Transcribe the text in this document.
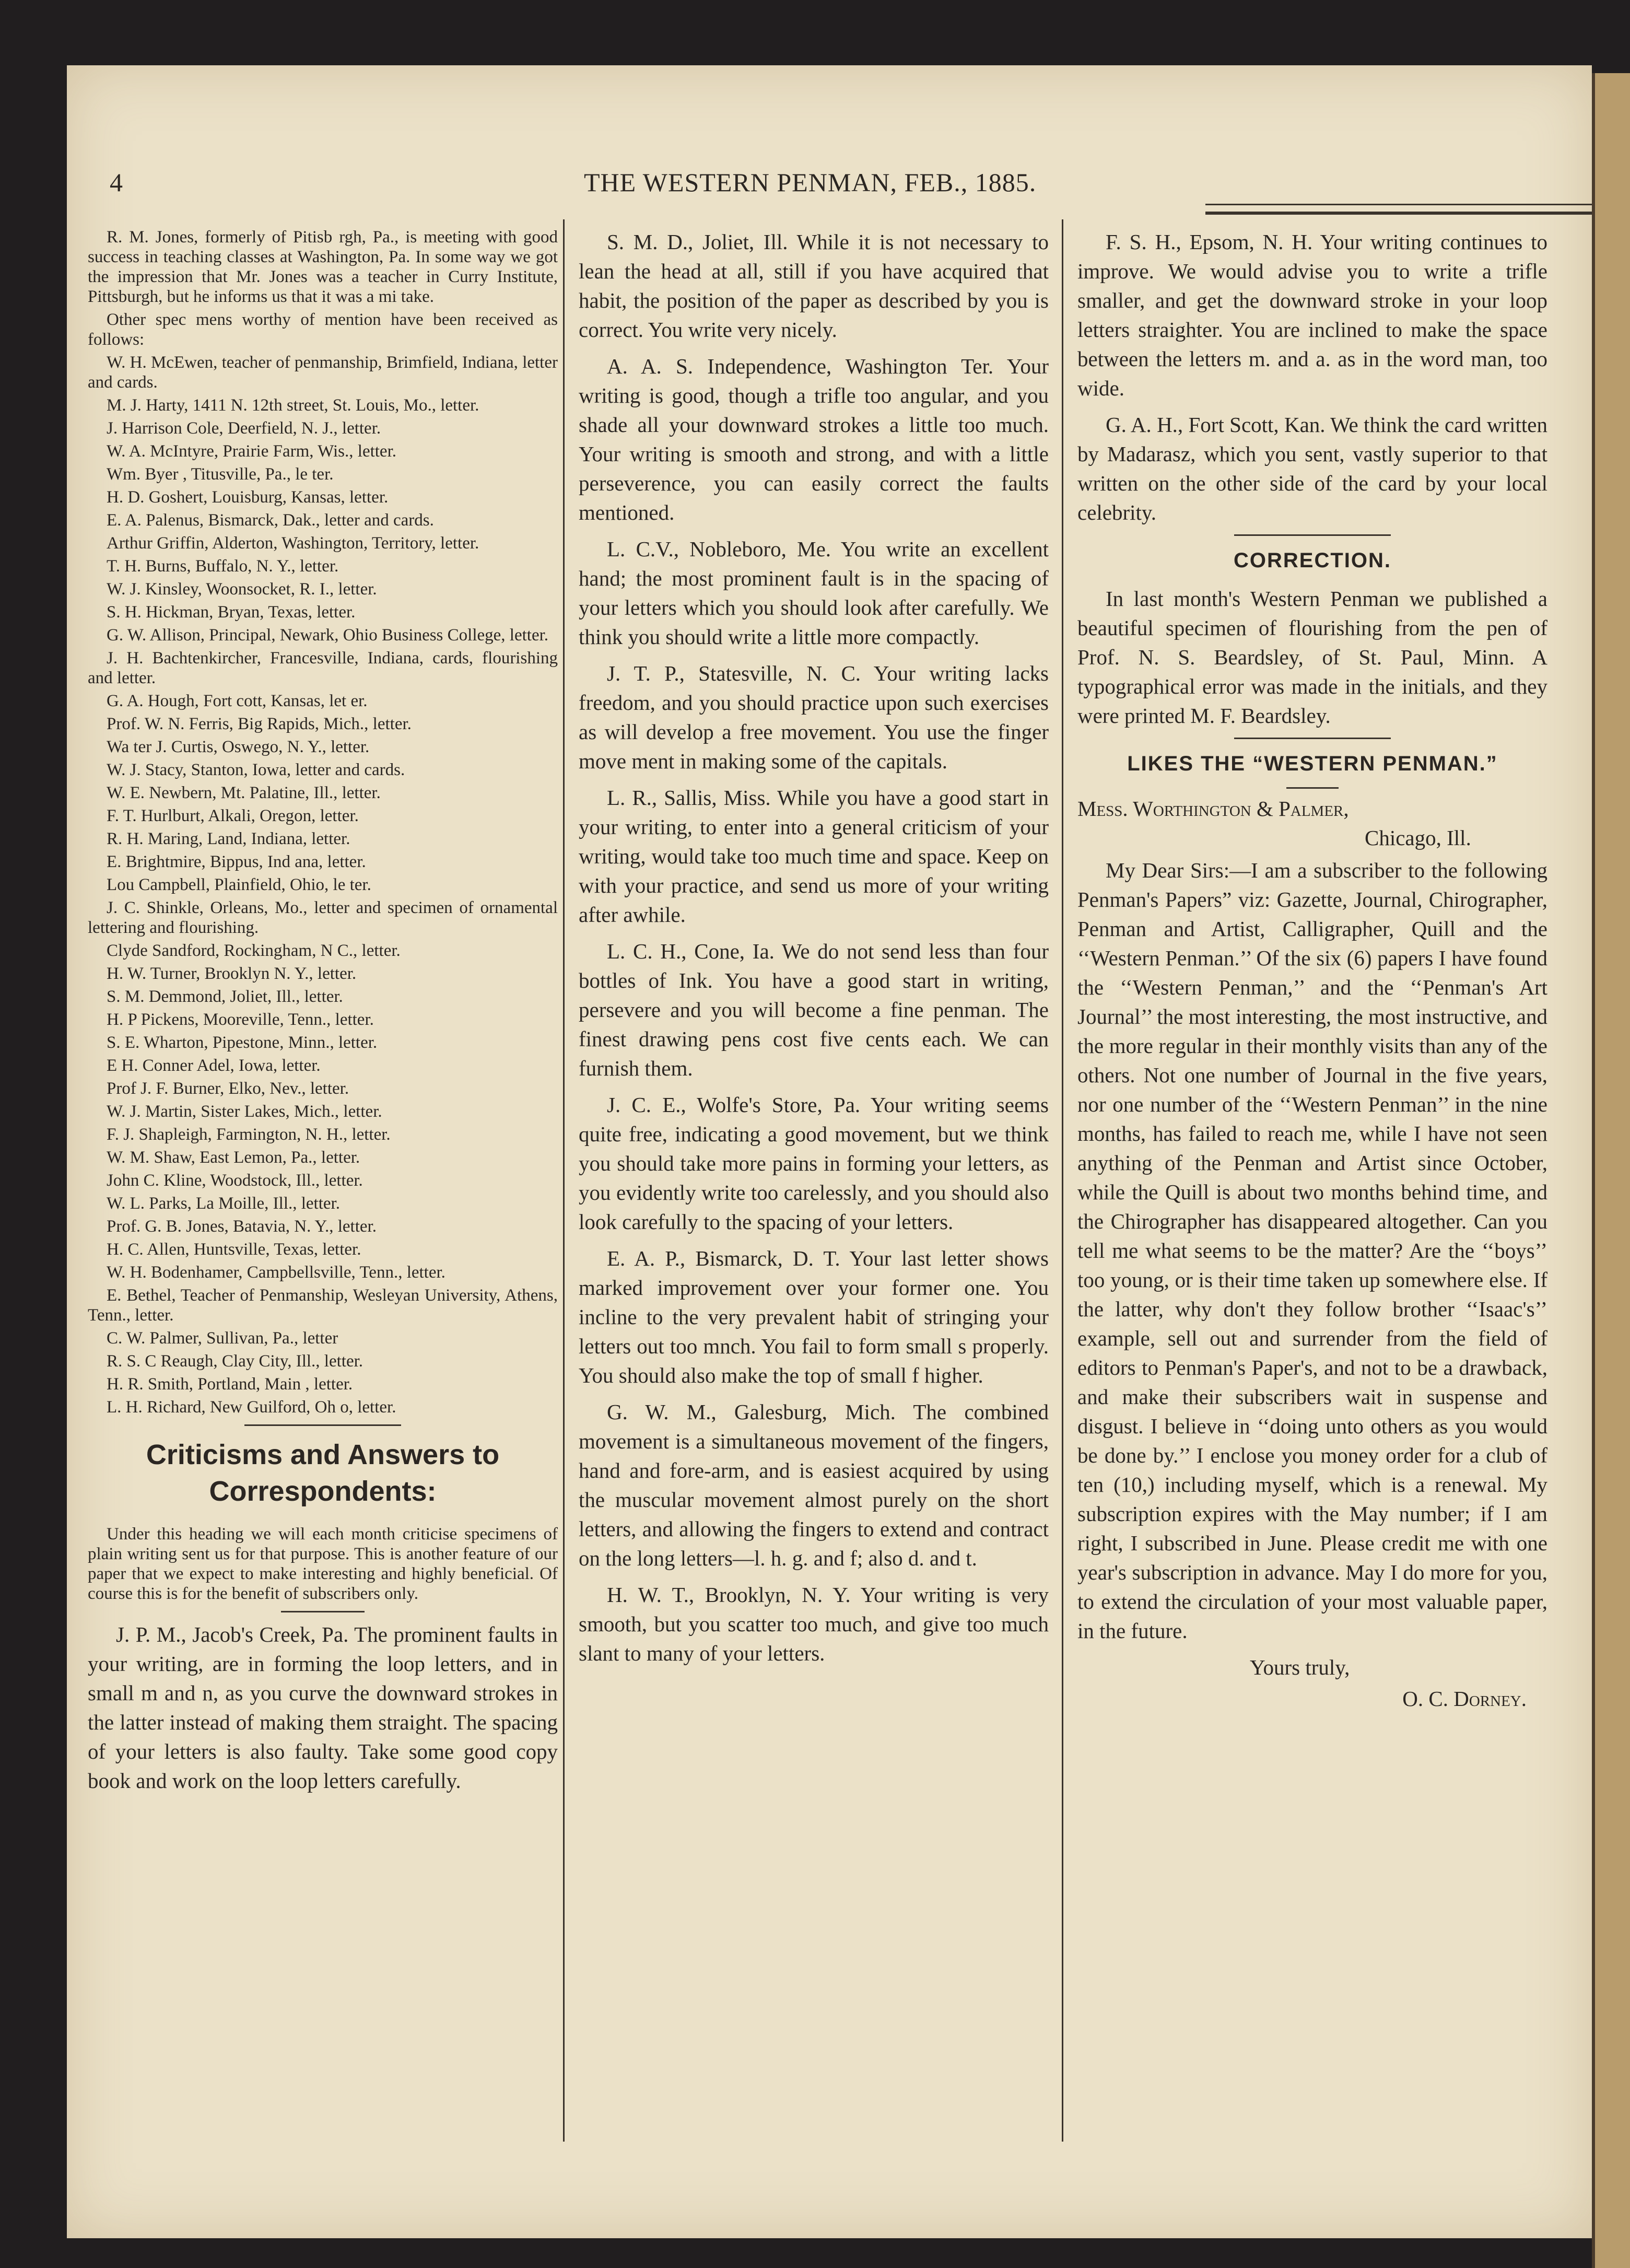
4	THE WESTERN PENMAN, FEB., 1885.

R. M. Jones, formerly of Pitisb rgh, Pa., is meeting with good success in teaching classes at Washington, Pa. In some way we got the impression that Mr. Jones was a teacher in Curry Institute, Pittsburgh, but he informs us that it was a mi take.

Other spec mens worthy of mention have been received as follows:

W. H. McEwen, teacher of penmanship, Brimfield, Indiana, letter and cards.

M. J. Harty, 1411 N. 12th street, St. Louis, Mo., letter.

J. Harrison Cole, Deerfield, N. J., letter.

W. A. McIntyre, Prairie Farm, Wis., letter.

Wm. Byer , Titusville, Pa., le ter.

H. D. Goshert, Louisburg, Kansas, letter.

E. A. Palenus, Bismarck, Dak., letter and cards.

Arthur Griffin, Alderton, Washington, Territory, letter.

T. H. Burns, Buffalo, N. Y., letter.

W. J. Kinsley, Woonsocket, R. I., letter.

S. H. Hickman, Bryan, Texas, letter.

G. W. Allison, Principal, Newark, Ohio Business College, letter.

J. H. Bachtenkircher, Francesville, Indiana, cards, flourishing and letter.

G. A. Hough, Fort cott, Kansas, let er.

Prof. W. N. Ferris, Big Rapids, Mich., letter.

Wa ter J. Curtis, Oswego, N. Y., letter.

W. J. Stacy, Stanton, Iowa, letter and cards.

W. E. Newbern, Mt. Palatine, Ill., letter.

F. T. Hurlburt, Alkali, Oregon, letter.

R. H. Maring, Land, Indiana, letter.

E. Brightmire, Bippus, Ind ana, letter.

Lou Campbell, Plainfield, Ohio, le ter.

J. C. Shinkle, Orleans, Mo., letter and specimen of ornamental lettering and flourishing.

Clyde Sandford, Rockingham, N C., letter.

H. W. Turner, Brooklyn N. Y., letter.

S. M. Demmond, Joliet, Ill., letter.

H. P Pickens, Mooreville, Tenn., letter.

S. E. Wharton, Pipestone, Minn., letter.

E H. Conner Adel, Iowa, letter.

Prof J. F. Burner, Elko, Nev., letter.

W. J. Martin, Sister Lakes, Mich., letter.

F. J. Shapleigh, Farmington, N. H., letter.

W. M. Shaw, East Lemon, Pa., letter.

John C. Kline, Woodstock, Ill., letter.

W. L. Parks, La Moille, Ill., letter.

Prof. G. B. Jones, Batavia, N. Y., letter.

H. C. Allen, Huntsville, Texas, letter.

W. H. Bodenhamer, Campbellsville, Tenn., letter.

E. Bethel, Teacher of Penmanship, Wesleyan University, Athens, Tenn., letter.

C. W. Palmer, Sullivan, Pa., letter

R. S. C Reaugh, Clay City, Ill., letter.

H. R. Smith, Portland, Main , letter.

L. H. Richard, New Guilford, Oh o, letter.

Criticisms and Answers to Correspondents:

Under this heading we will each month criticise specimens of plain writing sent us for that purpose. This is another feature of our paper that we expect to make interesting and highly beneficial. Of course this is for the benefit of subscribers only.

J. P. M., Jacob's Creek, Pa. The prominent faults in your writing, are in forming the loop letters, and in small m and n, as you curve the downward strokes in the latter instead of making them straight. The spacing of your letters is also faulty. Take some good copy book and work on the loop letters carefully.

S. M. D., Joliet, Ill. While it is not necessary to lean the head at all, still if you have acquired that habit, the position of the paper as described by you is correct. You write very nicely.

A. A. S. Independence, Washington Ter. Your writing is good, though a trifle too angular, and you shade all your downward strokes a little too much. Your writing is smooth and strong, and with a little perseverence, you can easily correct the faults mentioned.

L. C.V., Nobleboro, Me. You write an excellent hand; the most prominent fault is in the spacing of your letters which you should look after carefully. We think you should write a little more compactly.

J. T. P., Statesville, N. C. Your writing lacks freedom, and you should practice upon such exercises as will develop a free movement. You use the finger move ment in making some of the capitals.

L. R., Sallis, Miss. While you have a good start in your writing, to enter into a general criticism of your writing, would take too much time and space. Keep on with your practice, and send us more of your writing after awhile.

L. C. H., Cone, Ia. We do not send less than four bottles of Ink. You have a good start in writing, persevere and you will become a fine penman. The finest drawing pens cost five cents each. We can furnish them.

J. C. E., Wolfe's Store, Pa. Your writing seems quite free, indicating a good movement, but we think you should take more pains in forming your letters, as you evidently write too carelessly, and you should also look carefully to the spacing of your letters.

E. A. P., Bismarck, D. T. Your last letter shows marked improvement over your former one. You incline to the very prevalent habit of stringing your letters out too mnch. You fail to form small s properly. You should also make the top of small f higher.

G. W. M., Galesburg, Mich. The combined movement is a simultaneous movement of the fingers, hand and fore-arm, and is easiest acquired by using the muscular movement almost purely on the short letters, and allowing the fingers to extend and contract on the long letters—l. h. g. and f; also d. and t.

H. W. T., Brooklyn, N. Y. Your writing is very smooth, but you scatter too much, and give too much slant to many of your letters.

F. S. H., Epsom, N. H. Your writing continues to improve. We would advise you to write a trifle smaller, and get the downward stroke in your loop letters straighter. You are inclined to make the space between the letters m. and a. as in the word man, too wide.

G. A. H., Fort Scott, Kan. We think the card written by Madarasz, which you sent, vastly superior to that written on the other side of the card by your local celebrity.

CORRECTION.

In last month's Western Penman we published a beautiful specimen of flourishing from the pen of Prof. N. S. Beardsley, of St. Paul, Minn. A typographical error was made in the initials, and they were printed M. F. Beardsley.

LIKES THE “WESTERN PENMAN.”

Mess. Worthington & Palmer,

Chicago, Ill.

My Dear Sirs:—I am a subscriber to the following Penman's Papers” viz: Gazette, Journal, Chirographer, Penman and Artist, Calligrapher, Quill and the ‘‘Western Penman.’’ Of the six (6) papers I have found the ‘‘Western Penman,’’ and the ‘‘Penman's Art Journal’’ the most interesting, the most instructive, and the more regular in their monthly visits than any of the others. Not one number of Journal in the five years, nor one number of the ‘‘Western Penman’’ in the nine months, has failed to reach me, while I have not seen anything of the Penman and Artist since October, while the Quill is about two months behind time, and the Chirographer has disappeared altogether. Can you tell me what seems to be the matter? Are the ‘‘boys’’ too young, or is their time taken up somewhere else. If the latter, why don't they follow brother ‘‘Isaac's’’ example, sell out and surrender from the field of editors to Penman's Paper's, and not to be a drawback, and make their subscribers wait in suspense and disgust. I believe in ‘‘doing unto others as you would be done by.’’ I enclose you money order for a club of ten (10,) including myself, which is a renewal. My subscription expires with the May number; if I am right, I subscribed in June. Please credit me with one year's subscription in advance. May I do more for you, to extend the circulation of your most valuable paper, in the future.

Yours truly,

O. C. Dorney.
